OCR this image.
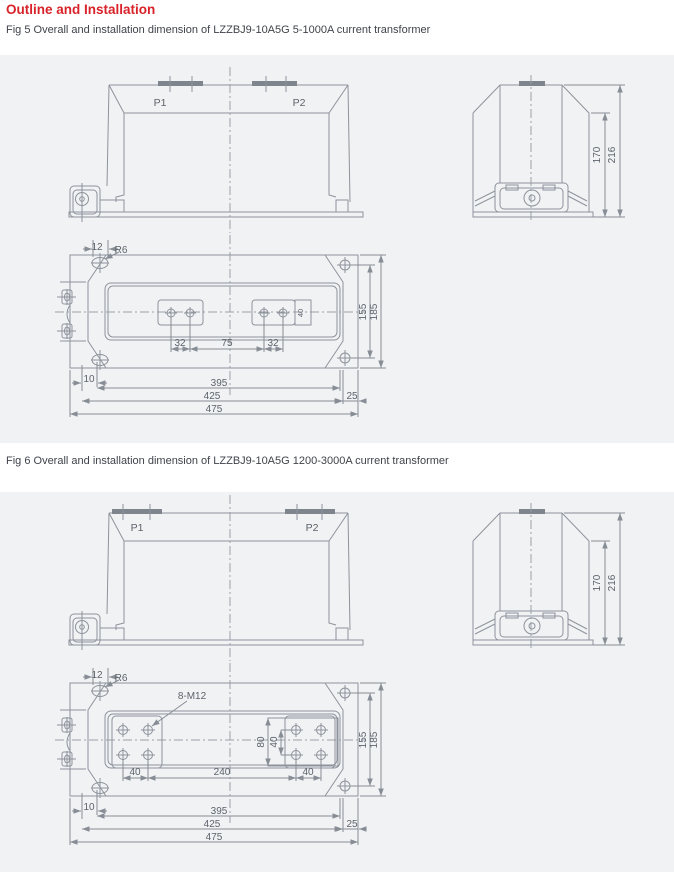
Outline and Installation

Fig 5 Overall and installation dimension of LZZBJ9-10A5G 5-1000A current transformer

P1	P2
170 216
12 R6
32	75	32
40
10	395
425	25
475
155 185

Fig 6 Overall and installation dimension of LZZBJ9-10A5G 1200-3000A current transformer

P1	P2
170 216
8-M12
12 R6
80 40
40	240	40
10	395
425	25
475
155 185
